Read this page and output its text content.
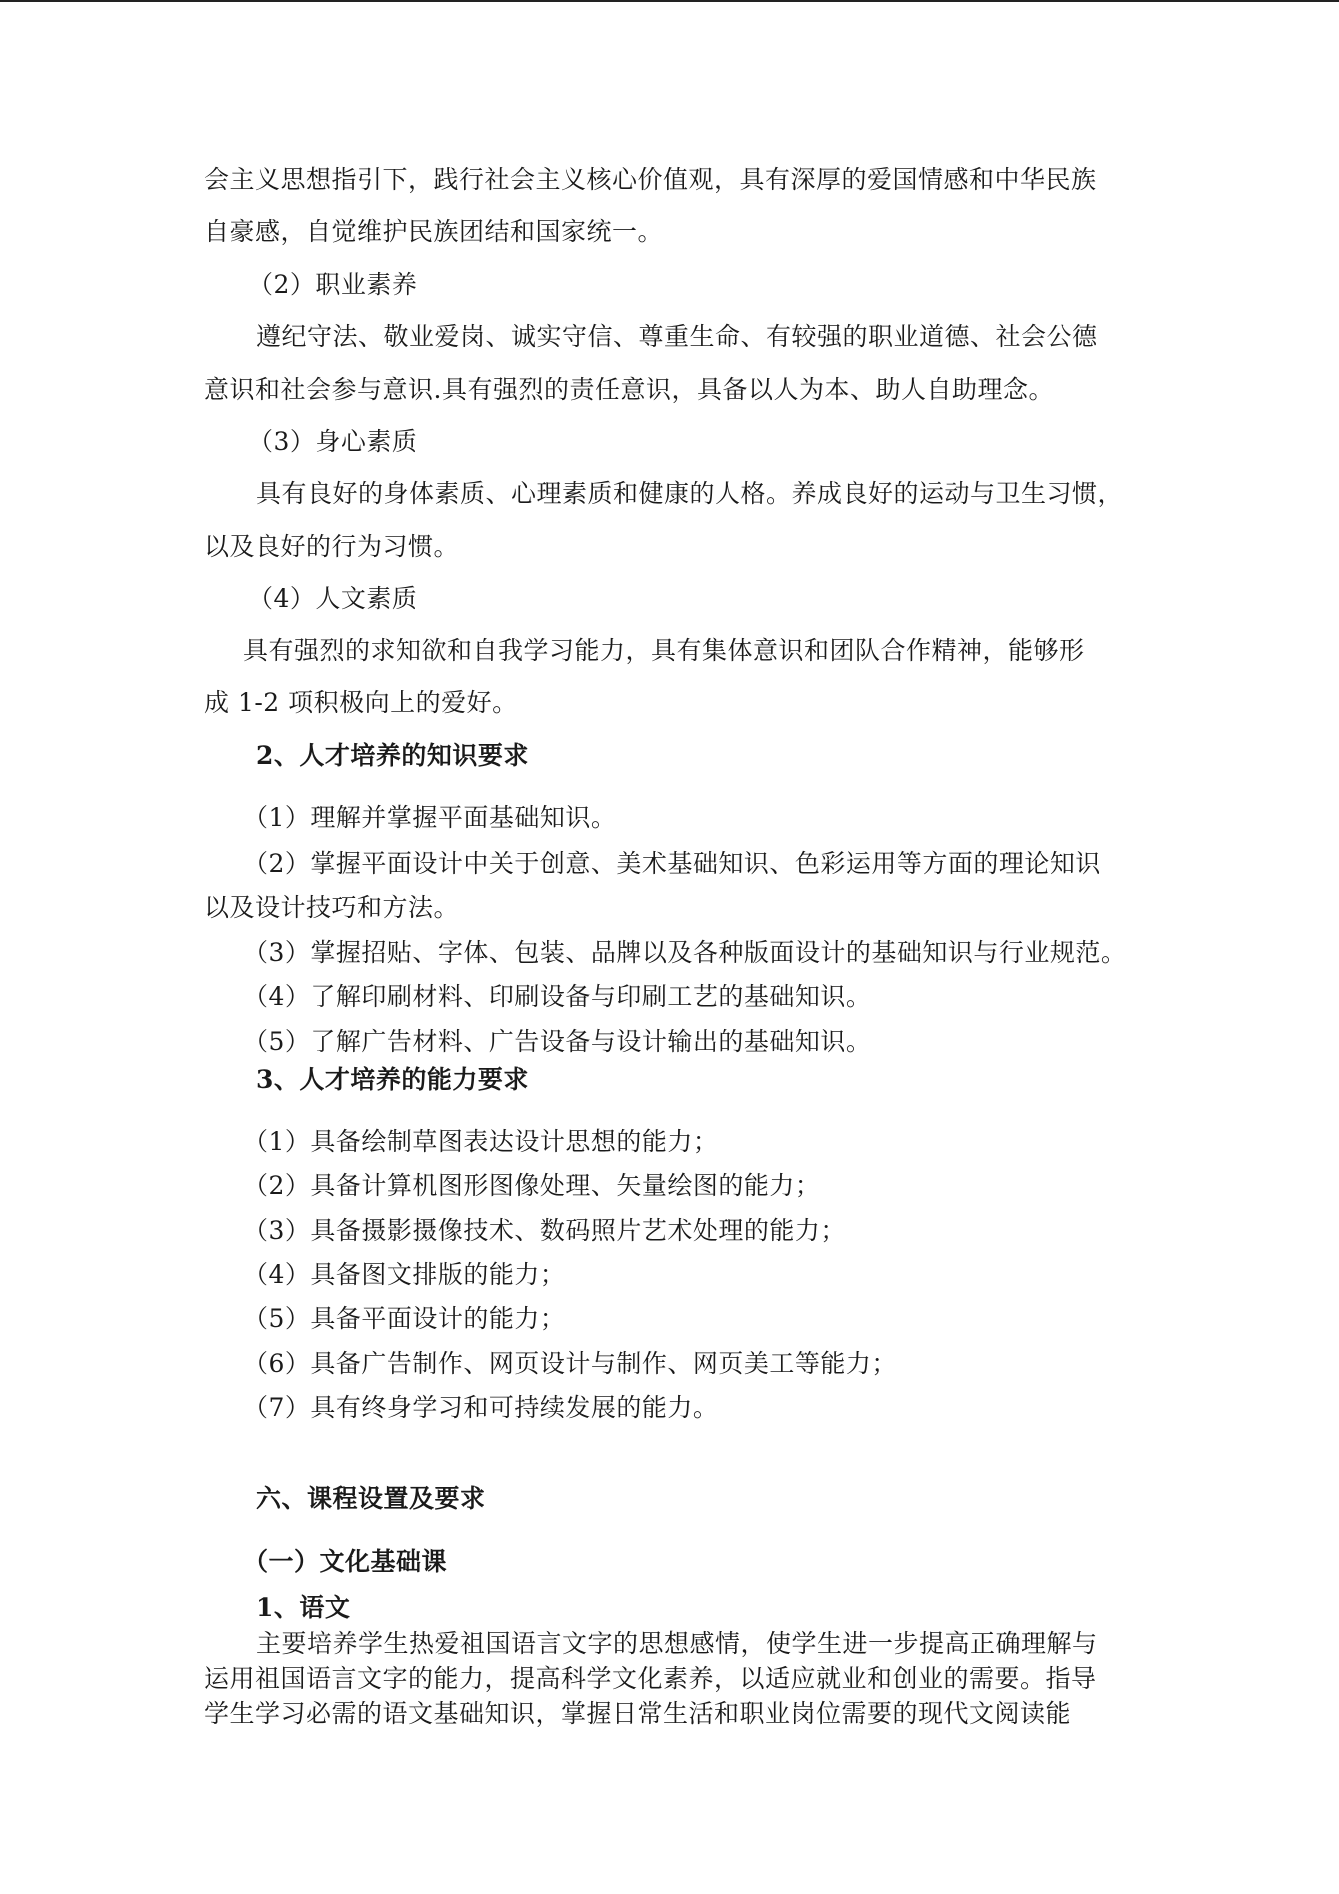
会主义思想指引下，践行社会主义核心价值观，具有深厚的爱国情感和中华民族
自豪感，自觉维护民族团结和国家统一。
（2）职业素养
遵纪守法、敬业爱岗、诚实守信、尊重生命、有较强的职业道德、社会公德
意识和社会参与意识.具有强烈的责任意识，具备以人为本、助人自助理念。
（3）身心素质
具有良好的身体素质、心理素质和健康的人格。养成良好的运动与卫生习惯，
以及良好的行为习惯。
（4）人文素质
具有强烈的求知欲和自我学习能力，具有集体意识和团队合作精神，能够形
成 1-2 项积极向上的爱好。
2、人才培养的知识要求
（1）理解并掌握平面基础知识。
（2）掌握平面设计中关于创意、美术基础知识、色彩运用等方面的理论知识
以及设计技巧和方法。
（3）掌握招贴、字体、包装、品牌以及各种版面设计的基础知识与行业规范。
（4）了解印刷材料、印刷设备与印刷工艺的基础知识。
（5）了解广告材料、广告设备与设计输出的基础知识。
3、人才培养的能力要求
（1）具备绘制草图表达设计思想的能力；
（2）具备计算机图形图像处理、矢量绘图的能力；
（3）具备摄影摄像技术、数码照片艺术处理的能力；
（4）具备图文排版的能力；
（5）具备平面设计的能力；
（6）具备广告制作、网页设计与制作、网页美工等能力；
（7）具有终身学习和可持续发展的能力。
六、课程设置及要求
（一）文化基础课
1、语文
主要培养学生热爱祖国语言文字的思想感情，使学生进一步提高正确理解与
运用祖国语言文字的能力，提高科学文化素养，以适应就业和创业的需要。指导
学生学习必需的语文基础知识，掌握日常生活和职业岗位需要的现代文阅读能
